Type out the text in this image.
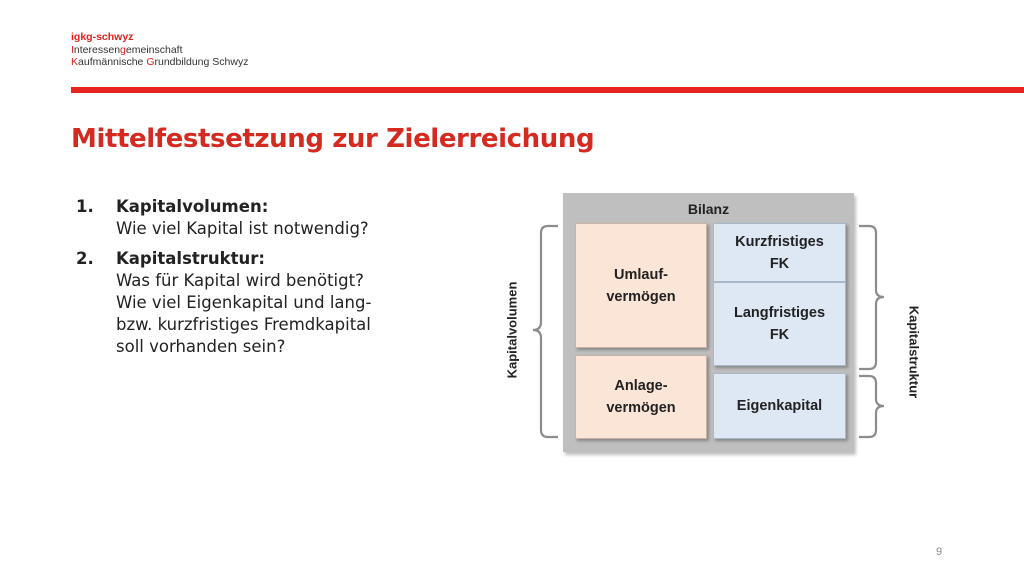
igkg-schwyz
Interessengemeinschaft
Kaufmännische Grundbildung Schwyz
Mittelfestsetzung zur Zielerreichung
1.	Kapitalvolumen:
Wie viel Kapital ist notwendig?
2.	Kapitalstruktur:
Was für Kapital wird benötigt? Wie viel Eigenkapital und lang- bzw. kurzfristiges Fremdkapital soll vorhanden sein?
Bilanz
Umlauf-
vermögen
Anlage-
vermögen
Kurzfristiges
FK
Langfristiges
FK
Eigenkapital
Kapitalvolumen	Kapitalstruktur
9
